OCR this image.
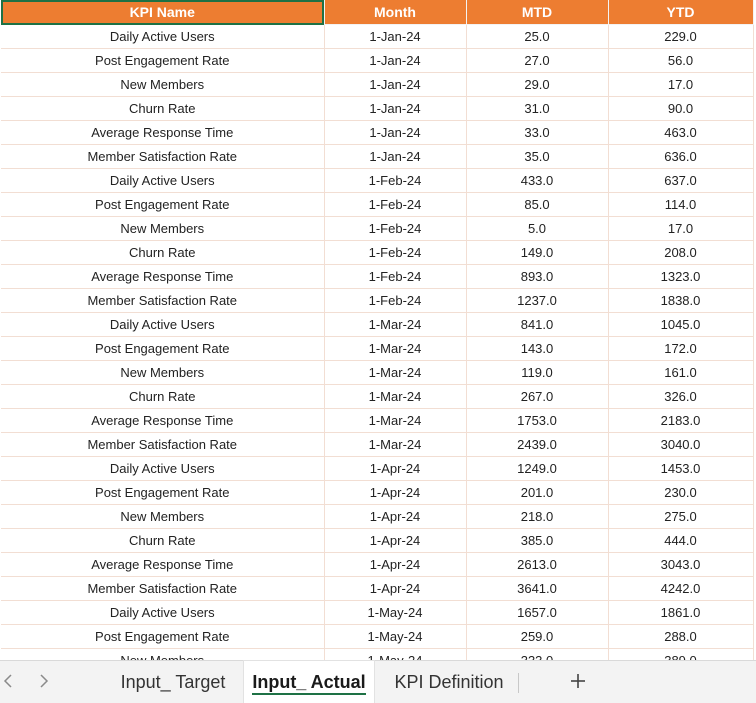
KPI Name	Month	MTD	YTD
Daily Active Users	1-Jan-24	25.0	229.0
Post Engagement Rate	1-Jan-24	27.0	56.0
New Members	1-Jan-24	29.0	17.0
Churn Rate	1-Jan-24	31.0	90.0
Average Response Time	1-Jan-24	33.0	463.0
Member Satisfaction Rate	1-Jan-24	35.0	636.0
Daily Active Users	1-Feb-24	433.0	637.0
Post Engagement Rate	1-Feb-24	85.0	114.0
New Members	1-Feb-24	5.0	17.0
Churn Rate	1-Feb-24	149.0	208.0
Average Response Time	1-Feb-24	893.0	1323.0
Member Satisfaction Rate	1-Feb-24	1237.0	1838.0
Daily Active Users	1-Mar-24	841.0	1045.0
Post Engagement Rate	1-Mar-24	143.0	172.0
New Members	1-Mar-24	119.0	161.0
Churn Rate	1-Mar-24	267.0	326.0
Average Response Time	1-Mar-24	1753.0	2183.0
Member Satisfaction Rate	1-Mar-24	2439.0	3040.0
Daily Active Users	1-Apr-24	1249.0	1453.0
Post Engagement Rate	1-Apr-24	201.0	230.0
New Members	1-Apr-24	218.0	275.0
Churn Rate	1-Apr-24	385.0	444.0
Average Response Time	1-Apr-24	2613.0	3043.0
Member Satisfaction Rate	1-Apr-24	3641.0	4242.0
Daily Active Users	1-May-24	1657.0	1861.0
Post Engagement Rate	1-May-24	259.0	288.0

Input_ Target Input_ Actual KPI Definition
